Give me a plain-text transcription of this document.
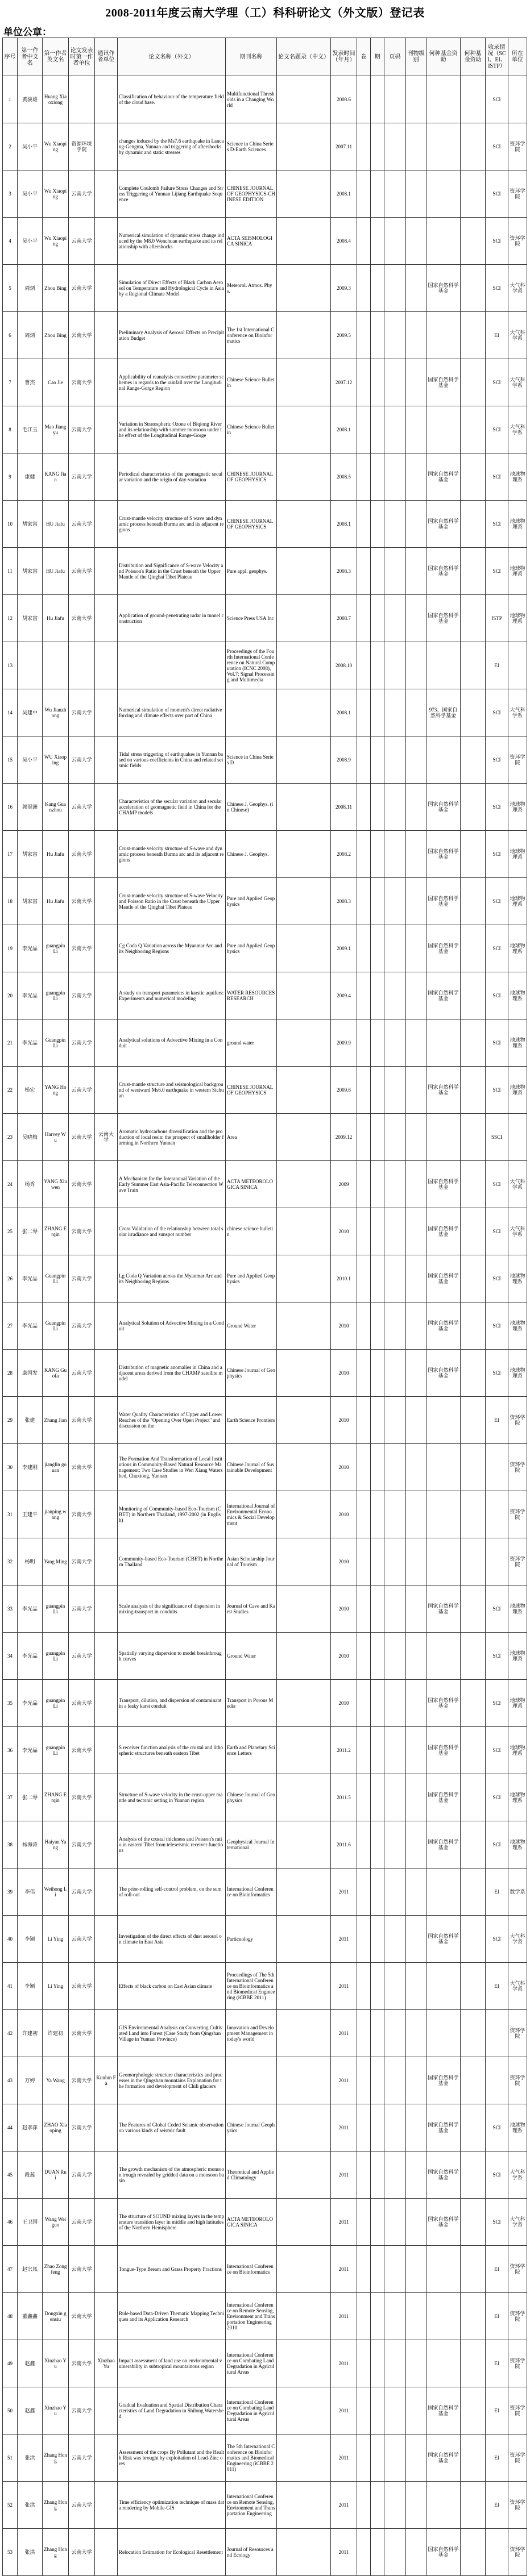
2008-2011年度云南大学理（工）科科研论文（外文版）登记表
单位公章：
序号	第一作者中文名	第一作者英文名	论文发表时第一作者单位	通讯作者单位	论文名称（外文）	期刊名称	论文名题录（中文）	发表时间（年月）	卷	期	页码	刊物级别	何种基金资助	何种基金资助	收录情况（SCI、EI、ISTP）	所在单位
1	黄骏雄	Huang Xiaoxiong			Classification of behaviour of the temperature field of the cloud base.	Multifunctional Thresholds in a Changing World		2008.6							SCI	
2	吴小平	Wu Xiaoping	资源环境学院		changes induced by the Ms7.6 earthquake in Lancang-Gengma, Yunnan and triggering of aftershocks by dynamic and static stresses	Science in China Series D-Earth Sciences		2007.11							SCI	资环学院
3	吴小平	Wu Xiaoping	云南大学		Complete Coulomb Failure Stress Changes and Stress Triggering of Yunnan Lijiang Earthquake Sequence	CHINESE JOURNAL OF GEOPHYSICS-CHINESE EDITION		2008.1							SCI	资环学院
4	吴小平	Wu Xiaoping	云南大学		Numerical simulation of dynamic stress change induced by the M8.0 Wenchuan earthquake and its relationship with aftershocks	ACTA SEISMOLOGICA SINICA		2008.4							SCI	资环学院
5	周炳	Zhou Bing	云南大学		Simulation of Direct Effects of Black Carbon Aerosol on Temperature and Hydrological Cycle in Asia by a Regional Climate Model	Meteorol. Atmos. Phys.		2009.3					国家自然科学基金		SCI	大气科学系
6	周炳	Zhou Bing	云南大学		Preliminary Analysis of Aerosol Effects on Precipitation Budget	The 1st International Conference on Bioinformatics		2009.5							EI	大气科学系
7	曹杰	Cao Jie	云南大学		Applicability of reanalysis convective parameter schemes in regards to the rainfall over the Longitudinal Range-Gorge Region	Chinese Science Bulletin		2007.12					国家自然科学基金		SCI	大气科学系
8	毛江玉	Mao Jiangyu	云南大学		Variation in Stratospheric Ozone of Biqiong River and its relationship with summer monsoon under the effect of the Longitudinal Range-Gorge	Chinese Science Bulletin		2008.1							SCI	大气科学系
9	康健	KANG Jian	云南大学		Periodical characteristics of the geomagnetic secular variation and the origin of day-variation	CHINESE JOURNAL OF GEOPHYSICS		2008.5					国家自然科学基金		SCI	地球物理系
10	胡家富	HU Jiafu	云南大学		Crust-mantle velocity structure of S wave and dynamic process beneath Burma arc and its adjacent regions	CHINESE JOURNAL OF GEOPHYSICS		2008.1					国家自然科学基金		SCI	地球物理系
11	胡家富	HU Jiafu	云南大学		Distribution and Significance of S-wave Velocity and Poisson's Ratio in the Crust beneath the Upper Mantle of the Qinghai Tibet Plateau	Pure appl. geophys.		2008.3					国家自然科学基金		SCI	地球物理系
12	胡家富	Hu Jiafu	云南大学		Application of ground-penetrating radar in tunnel construction	Science Press USA Inc		2008.7					国家自然科学基金		ISTP	地球物理系
13						Proceedings of the Fourth International Conference on Natural Computation (ICNC 2008), Vol.7: Signal Processing and Multimedia		2008.10							EI	
14	吴建中	Wu Jianzhong	云南大学		Numerical simulation of moment's direct radiative forcing and climate effects over part of China			2008.1					973、国家自然科学基金		SCI	大气科学系
15	吴小平	WU Xiaoping	云南大学		Tidal stress triggering of earthquakes in Yunnan based on various coefficients in China and related seismic fields	Science in China Series D		2008.9							SCI	资环学院
16	郭冠洲	Kang Guanzhou	云南大学		Characteristics of the secular variation and secular acceleration of geomagnetic field in China for the CHAMP models	Chinese J. Geophys. (in Chinese)		2008.11					国家自然科学基金		SCI	地球物理系
17	胡家富	Hu Jiafu	云南大学		Crust-mantle velocity structure of S-wave and dynamic process beneath Burma arc and its adjacent regions	Chinese J. Geophys.		2008.2					国家自然科学基金		SCI	地球物理系
18	胡家富	Hu Jiafu	云南大学		Crust-mantle velocity structure of S-wave Velocity and Poisson Ratio in the Crust beneath the Upper Mantle of the Qinghai Tibet Plateau	Pure and Applied Geophysics		2008.3					国家自然科学基金		SCI	地球物理系
19	李光品	guangpin Li	云南大学		Cg Coda Q Variation across the Myanmar Arc and its Neighboring Regions	Pure and Applied Geophysics		2009.1					国家自然科学基金		SCI	地球物理系
20	李光品	guangpin Li	云南大学		A study on transport parameters in karstic aquifers: Experiments and numerical modeling	WATER RESOURCES RESEARCH		2009.4					国家自然科学基金		SCI	地球物理系
21	李光品	Guangpin Li	云南大学		Analytical solutions of Advective Mixing in a Conduit	ground water		2009.9							SCI	地球物理系
22	杨宏	YANG Hong	云南大学		Crust-mantle structure and seismological background of westward Ms6.0 earthquake in western Sichuan	CHINESE JOURNAL OF GEOPHYSICS		2009.6					国家自然科学基金		SCI	地球物理系
23	吴晓梅	Harvey Wu	云南大学	云南大学	Aromatic hydrocarbons diversification and the production of local resin: the prospect of smallholder farming in Northern Yunnan	Area		2009.12							SSCI	
24	杨秀	YANG Xiuwen	云南大学		A Mechanism for the Interannual Variation of the Early Summer East Asia-Pacific Teleconnection Wave Train	ACTA METEOROLOGICA SINICA		2009					国家自然科学基金		SCI	大气科学系
25	张二琴	ZHANG Erqin	云南大学		Cross Validation of the relationship between total solar irradiance and sunspot number	chinese science bulletin		2010					国家自然科学基金		SCI	大气科学系
26	李光品	Guangpin Li	云南大学		Lg Coda Q Variation across the Myanmar Arc and its Neighboring Regions	Pure and Applied Geophysics		2010.1					国家自然科学基金		SCI	地球物理系
27	李光品	Guangpin Li	云南大学		Analytical Solution of Advective Mixing in a Conduit	Ground Water		2010					国家自然科学基金		SCI	地球物理系
28	康国发	KANG Guofa	云南大学		Distribution of magnetic anomalies in China and adjacent areas derived from the CHAMP satellite model	Chinese Journal of Geophysics		2010					国家自然科学基金		SCI	地球物理系
29	张建	Zhang Jian	云南大学		Water Quality Characteristics of Upper and Lower Reaches of the "Opening Over Open Project" and discussion on the	Earth Science Frontiers		2010							EI	资环学院
30	李建刚	jianglin gouan	云南大学		The Formation And Transformation of Local Institutions in Community-Based Natural Resource Management: Two Case Studies in Wen Xiang Watershed, Chuxiong, Yunnan	Chinese Journal of Sustainable Development		2010								资环学院
31	王建平	jianping wang	云南大学		Monitoring of Community-based Eco-Tourism (CBET) in Northern Thailand, 1997-2002 (in English)	International Journal of Environmental Economics & Social Development		2010								资环学院
32	杨明	Yang Ming	云南大学		Community-based Eco-Tourism (CBET) in Northern Thailand	Asian Scholarship Journal of Tourism		2010								资环学院
33	李光品	guangpin Li	云南大学		Scale analysis of the significance of dispersion in mixing-transport in conduits	Journal of Cave and Karst Studies		2010					国家自然科学基金		SCI	地球物理系
34	李光品	guangpin Li	云南大学		Spatially varying dispersion to model breakthrough curves	Ground Water		2010							SCI	地球物理系
35	李光品	guangpin Li	云南大学		Transport, dilution, and dispersion of contaminant in a leaky karst conduit	Transport in Porous Media		2010					国家自然科学基金		SCI	地球物理系
36	李光品	guangpin Li	云南大学		S receiver function analysis of the crustal and lithospheric structures beneath eastern Tibet	Earth and Planetary Science Letters		2011.2					国家自然科学基金		SCI	地球物理系
37	张二琴	ZHANG Erqin	云南大学		Structure of S-wave velocity in the crust-upper mantle and tectonic setting in Yunnan region	Chinese Journal of Geophysics		2011.5					国家自然科学基金		SCI	地球物理系
38	杨海涛	Haiyan Yang	云南大学		Analysis of the crustal thickness and Poisson's ratio in eastern Tibet from teleseismic receiver functions	Geophysical Journal International		2011.6					国家自然科学基金		SCI	地球物理系
39	李伟	Weihong Li	云南大学		The prior-rolling self-control problem, on the sum of roll-out	International Conference on Bioinformatics		2011							EI	数学系
40	李颖	Li Ying	云南大学		Investigation of the direct effects of dust aerosol on climate in East Asia	Particuology		2011					国家自然科学基金		SCI	大气科学系
41	李颖	Li Ying	云南大学		Effects of black carbon on East Asian climate	Proceedings of The 5th International Conference on Bioinformatics and Biomedical Engineering (iCBBE 2011)		2011							EI	大气科学系
42	许建初	许建初	云南大学		GIS Environmental Analysis on Converting Cultivated Land into Forest (Case Study from Qingshan Village in Yunnan Province)	Innovation and Development Management in today's world		2011								资环学院
43	万婷	Ya Wang	云南大学	Kunlun Fa	Geomorphologic structure characteristics and processes in the Qingshan mountains Explanation for the formation and development of Chili glaciers			2011					国家自然科学基金			资环学院
44	赵孝萍	ZHAO Xiaoping	云南大学		The Features of Global Coded Seismic observation on various kinds of seismic fault	Chinese Journal Geophysics		2011					国家自然科学基金		SCI	地球物理系
45	段蕊	DUAN Rui	云南大学		The growth mechanism of the atmospheric monsoon trough revealed by gridded data on a monsoon basin	Theoretical and Applied Climatology		2011					国家自然科学基金		SCI	大气科学系
46	王卫国	Wang Weiguo	云南大学		The structure of SOUND mixing layers in the temperature transition layer in middle and high latitudes of the Northern Hemisphere	ACTA METEOROLOGICA SINICA		2011					国家自然科学基金		SCI	大气科学系
47	赵宗凤	Zhao Zongfeng	云南大学		Tongue-Type Bream and Grass Property Fractions	International Conference on Bioinformatics		2011							EI	资环学院
48	董鑫鑫	Dongxin gensiu	云南大学		Rule-based Data-Driven Thematic Mapping Techniques and its Application Research	International Conference on Remote Sensing, Environment and Transportation Engineering 2010		2011							EI	资环学院
49	赵鑫	Xinzhao Yu	云南大学	Xinzhao Yu	Impact assessment of land use on environmental vulnerability in subtropical mountainous region	International Conference on Combating Land Degradation in Agricultural Areas		2011							EI	资环学院
50	赵鑫	Xinzhao Yu	云南大学		Gradual Evaluation and Spatial Distribution Characteristics of Land Degradation in Shilong Watershed	International Conference on Combating Land Degradation in Agricultural Areas		2011					国家自然科学基金		EI	资环学院
51	张洪	Zhang Hong	云南大学		Assessment of the crops By Pollutant and the Health Risk was brought by exploitation of Lead-Zinc ores	The 5th International Conference on Bioinformatics and Biomedical Engineering (iCBBE 2011)		2011					国家自然科学基金		EI	资环学院
52	张洪	Zhang Hong	云南大学		Time efficiency optimization technique of mass data rendering by Mobile-GIS	International Conference on Remote Sensing, Environment and Transportation Engineering		2011							EI	资环学院
53	张洪	Zhang Hong	云南大学		Relocation Estimation for Ecological Resettlement	Journal of Resources and Ecology		2011					国家自然科学基金			资环学院
